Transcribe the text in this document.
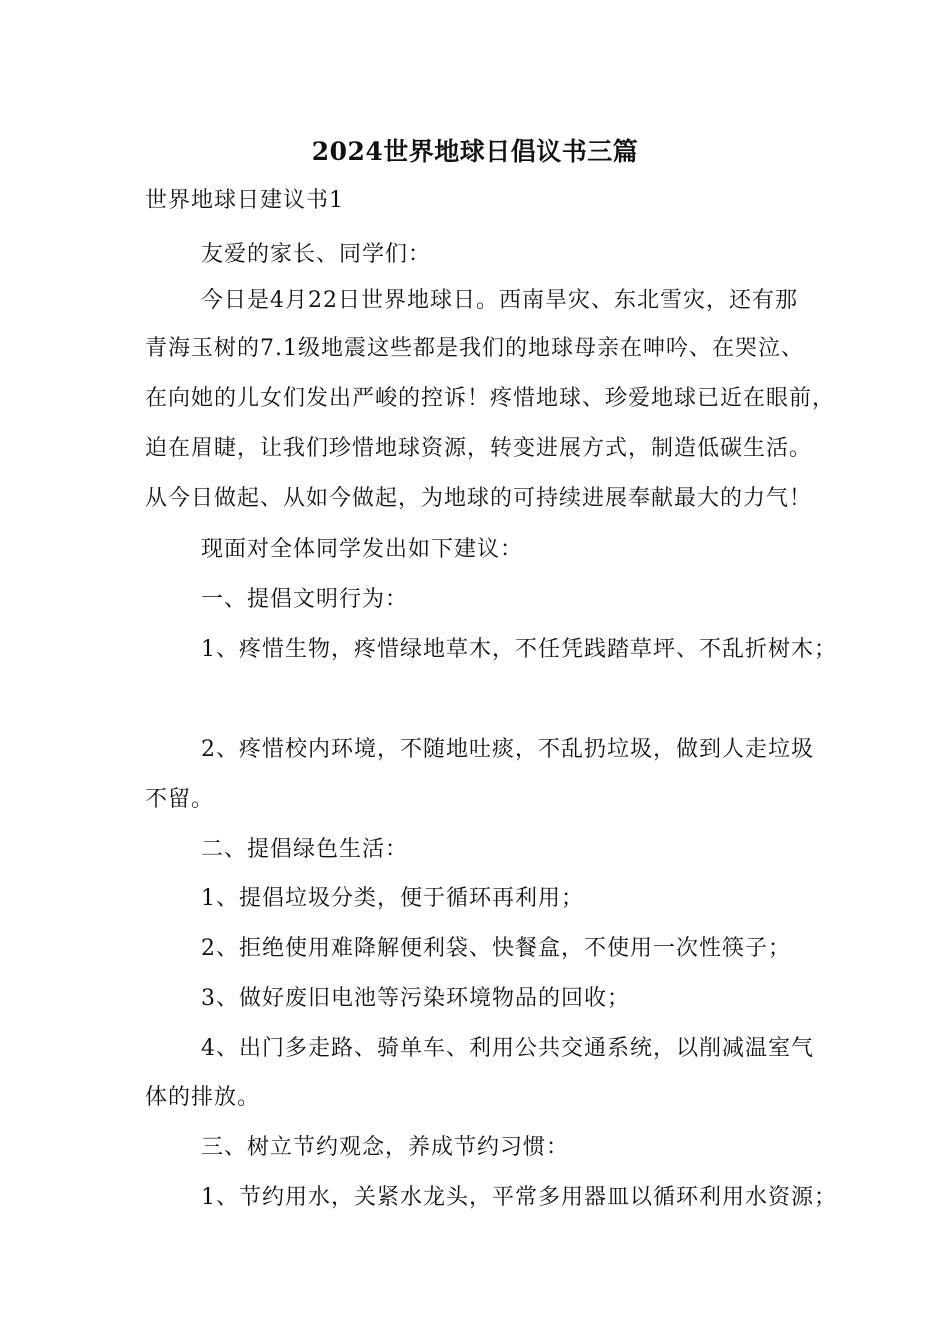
2024世界地球日倡议书三篇
世界地球日建议书1
友爱的家长、同学们：
今日是4月22日世界地球日。西南旱灾、东北雪灾，还有那
青海玉树的7.1级地震这些都是我们的地球母亲在呻吟、在哭泣、
在向她的儿女们发出严峻的控诉！疼惜地球、珍爱地球已近在眼前，
迫在眉睫，让我们珍惜地球资源，转变进展方式，制造低碳生活。
从今日做起、从如今做起，为地球的可持续进展奉献最大的力气！
现面对全体同学发出如下建议：
一、提倡文明行为：
1、疼惜生物，疼惜绿地草木，不任凭践踏草坪、不乱折树木；
2、疼惜校内环境，不随地吐痰，不乱扔垃圾，做到人走垃圾
不留。
二、提倡绿色生活：
1、提倡垃圾分类，便于循环再利用；
2、拒绝使用难降解便利袋、快餐盒，不使用一次性筷子；
3、做好废旧电池等污染环境物品的回收；
4、出门多走路、骑单车、利用公共交通系统，以削减温室气
体的排放。
三、树立节约观念，养成节约习惯：
1、节约用水，关紧水龙头，平常多用器皿以循环利用水资源；
